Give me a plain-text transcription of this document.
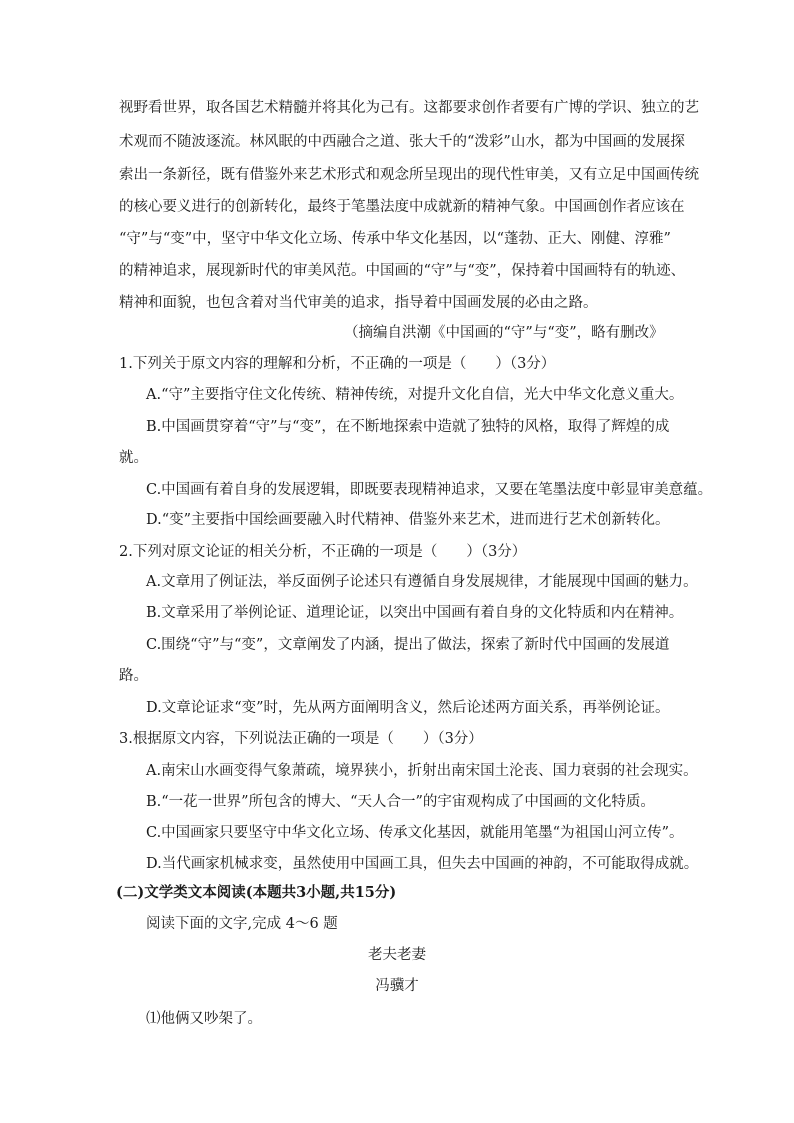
视野看世界，取各国艺术精髓并将其化为己有。这都要求创作者要有广博的学识、独立的艺
术观而不随波逐流。林风眠的中西融合之道、张大千的“泼彩”山水，都为中国画的发展探
索出一条新径，既有借鉴外来艺术形式和观念所呈现出的现代性审美，又有立足中国画传统
的核心要义进行的创新转化，最终于笔墨法度中成就新的精神气象。中国画创作者应该在
“守”与“变”中，坚守中华文化立场、传承中华文化基因，以“蓬勃、正大、刚健、淳雅”
的精神追求，展现新时代的审美风范。中国画的“守”与“变”，保持着中国画特有的轨迹、
精神和面貌，也包含着对当代审美的追求，指导着中国画发展的必由之路。
（摘编自洪潮《中国画的“守”与“变”，略有删改》
1.下列关于原文内容的理解和分析，不正确的一项是（　　）（3分）
A.“守”主要指守住文化传统、精神传统，对提升文化自信，光大中华文化意义重大。
B.中国画贯穿着“守”与“变”，在不断地探索中造就了独特的风格，取得了辉煌的成
就。
C.中国画有着自身的发展逻辑，即既要表现精神追求，又要在笔墨法度中彰显审美意蕴。
D.“变”主要指中国绘画要融入时代精神、借鉴外来艺术，进而进行艺术创新转化。
2.下列对原文论证的相关分析，不正确的一项是（　　）（3分）
A.文章用了例证法，举反面例子论述只有遵循自身发展规律，才能展现中国画的魅力。
B.文章采用了举例论证、道理论证，以突出中国画有着自身的文化特质和内在精神。
C.围绕“守”与“变”，文章阐发了内涵，提出了做法，探索了新时代中国画的发展道
路。
D.文章论证求“变”时，先从两方面阐明含义，然后论述两方面关系，再举例论证。
3.根据原文内容，下列说法正确的一项是（　　）（3分）
A.南宋山水画变得气象萧疏，境界狭小，折射出南宋国土沦丧、国力衰弱的社会现实。
B.“一花一世界”所包含的博大、“天人合一”的宇宙观构成了中国画的文化特质。
C.中国画家只要坚守中华文化立场、传承文化基因，就能用笔墨“为祖国山河立传”。
D.当代画家机械求变，虽然使用中国画工具，但失去中国画的神韵，不可能取得成就。
(二)文学类文本阅读(本题共3小题,共15分)
阅读下面的文字,完成 4～6 题
老夫老妻
冯骥才
⑴他俩又吵架了。
